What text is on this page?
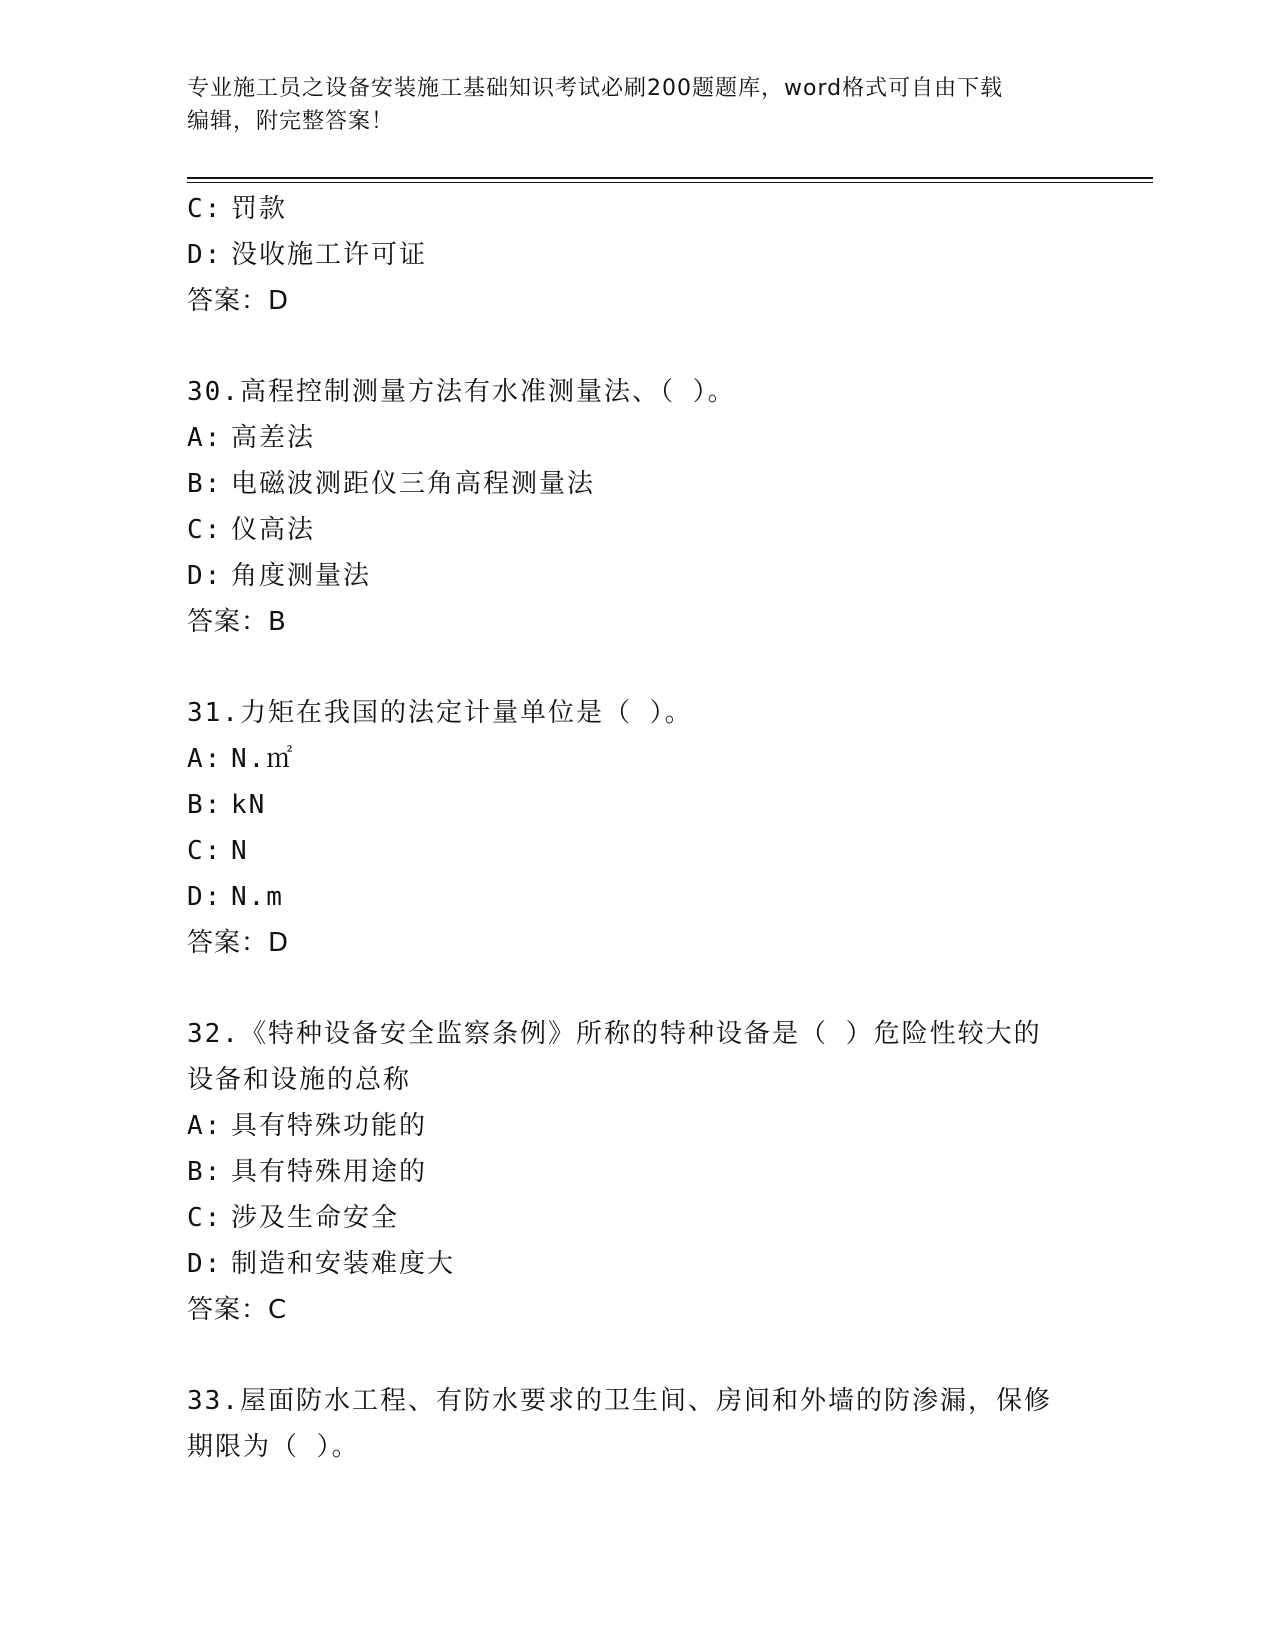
专业施工员之设备安装施工基础知识考试必刷200题题库，word格式可自由下载
编辑，附完整答案！
C: 罚款
D: 没收施工许可证
答案：D
30.高程控制测量方法有水准测量法、（ ）。
A: 高差法
B: 电磁波测距仪三角高程测量法
C: 仪高法
D: 角度测量法
答案：B
31.力矩在我国的法定计量单位是（ ）。
A: N.㎡
B: kN
C: N
D: N.m
答案：D
32.《特种设备安全监察条例》所称的特种设备是（ ）危险性较大的
设备和设施的总称
A: 具有特殊功能的
B: 具有特殊用途的
C: 涉及生命安全
D: 制造和安装难度大
答案：C
33.屋面防水工程、有防水要求的卫生间、房间和外墙的防渗漏，保修
期限为（ ）。
